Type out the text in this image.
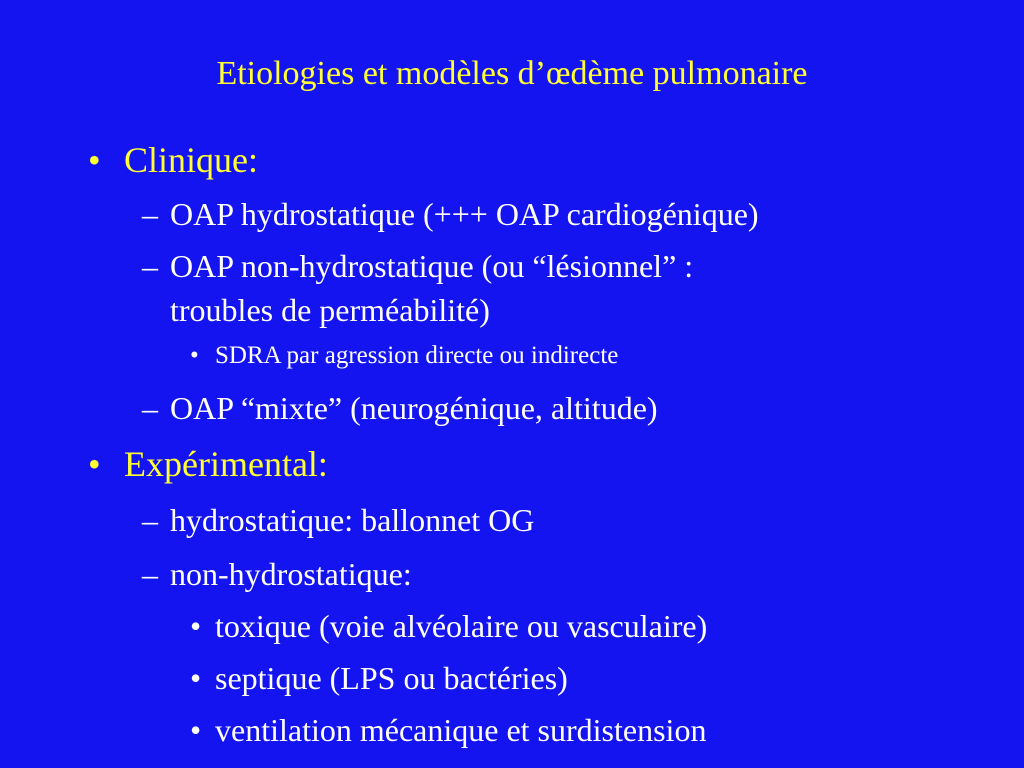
Etiologies et modèles d’œdème pulmonaire
• Clinique:
– OAP hydrostatique (+++ OAP cardiogénique)
– OAP non-hydrostatique (ou “lésionnel” :
troubles de perméabilité)
• SDRA par agression directe ou indirecte
– OAP “mixte” (neurogénique, altitude)
• Expérimental:
– hydrostatique: ballonnet OG
– non-hydrostatique:
• toxique (voie alvéolaire ou vasculaire)
• septique (LPS ou bactéries)
• ventilation mécanique et surdistension
